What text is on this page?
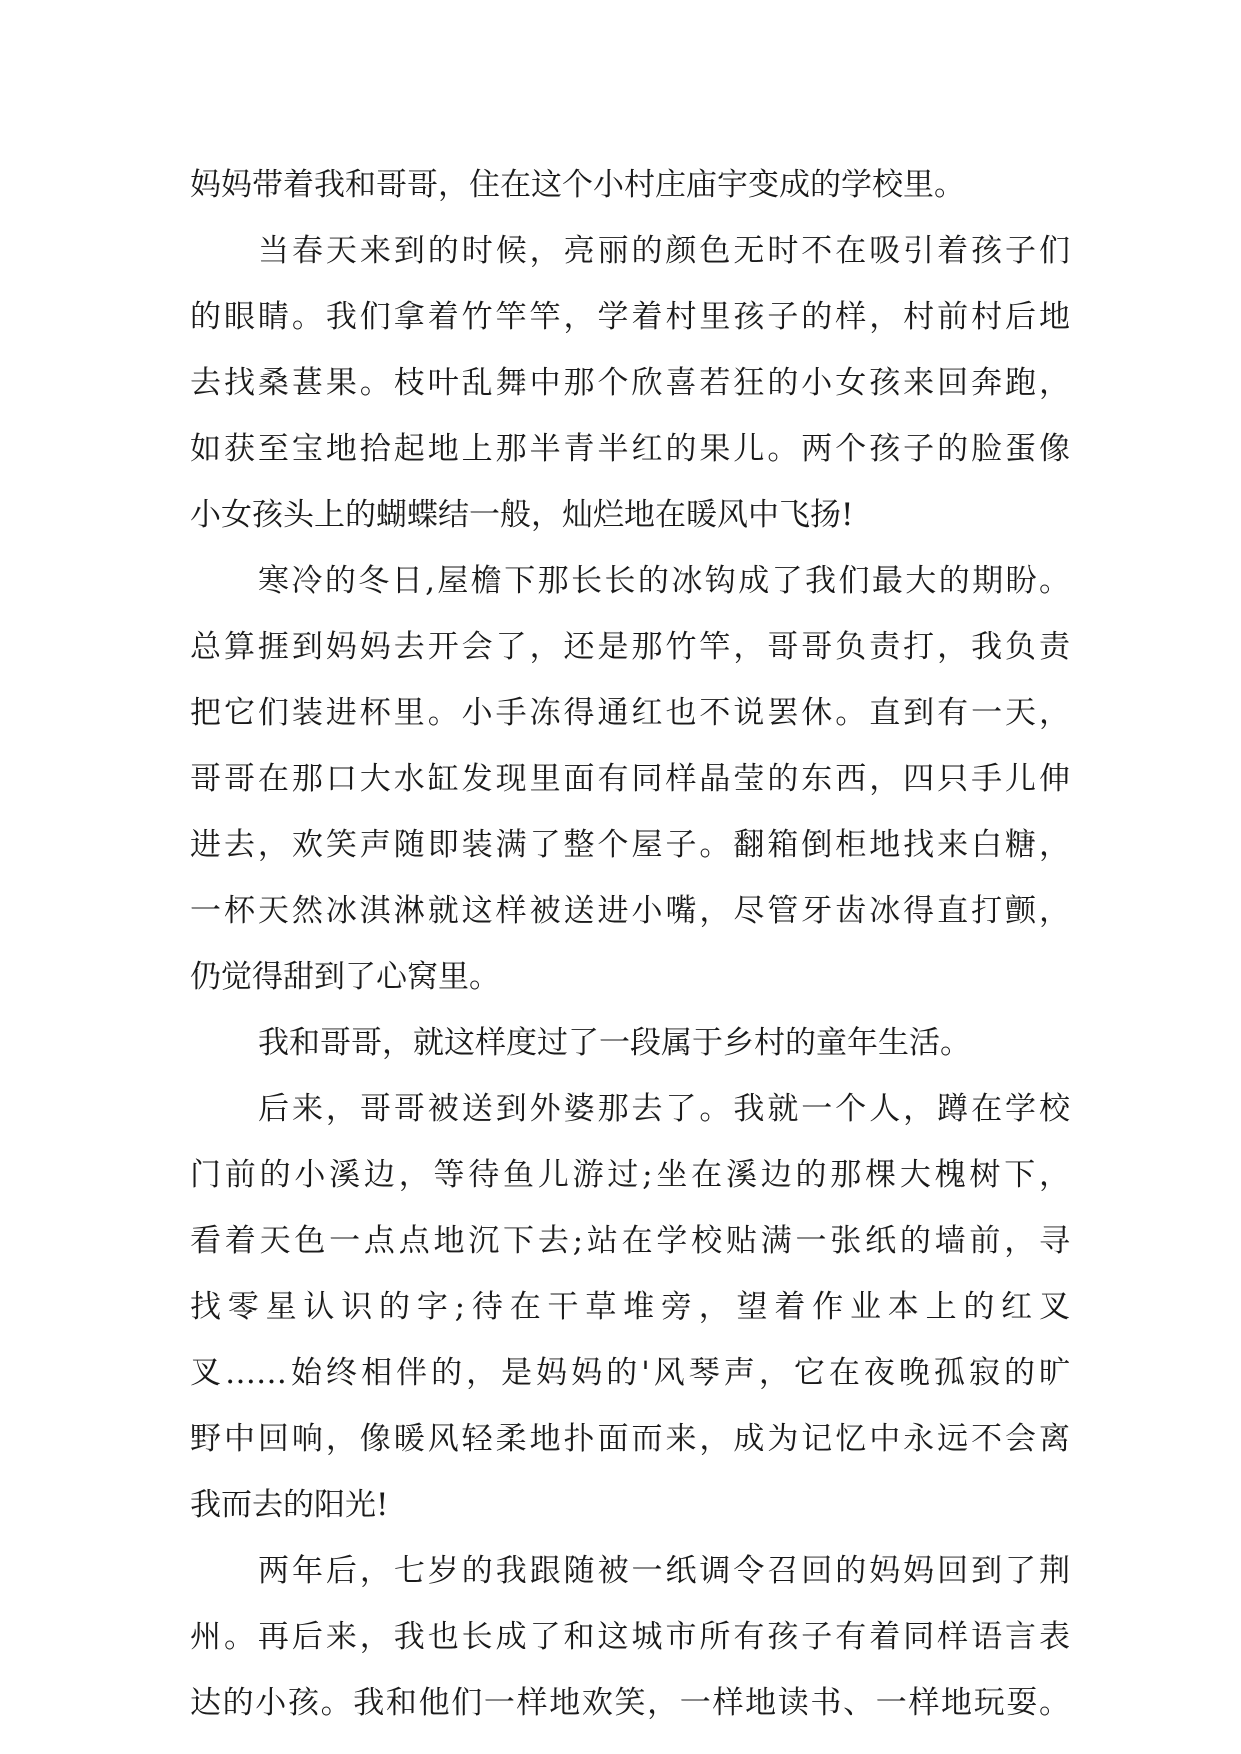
妈妈带着我和哥哥，住在这个小村庄庙宇变成的学校里。
当春天来到的时候，亮丽的颜色无时不在吸引着孩子们
的眼睛。我们拿着竹竿竿，学着村里孩子的样，村前村后地
去找桑葚果。枝叶乱舞中那个欣喜若狂的小女孩来回奔跑，
如获至宝地拾起地上那半青半红的果儿。两个孩子的脸蛋像
小女孩头上的蝴蝶结一般，灿烂地在暖风中飞扬!
寒冷的冬日,屋檐下那长长的冰钩成了我们最大的期盼。
总算捱到妈妈去开会了，还是那竹竿，哥哥负责打，我负责
把它们装进杯里。小手冻得通红也不说罢休。直到有一天，
哥哥在那口大水缸发现里面有同样晶莹的东西，四只手儿伸
进去，欢笑声随即装满了整个屋子。翻箱倒柜地找来白糖，
一杯天然冰淇淋就这样被送进小嘴，尽管牙齿冰得直打颤，
仍觉得甜到了心窝里。
我和哥哥，就这样度过了一段属于乡村的童年生活。
后来，哥哥被送到外婆那去了。我就一个人，蹲在学校
门前的小溪边，等待鱼儿游过;坐在溪边的那棵大槐树下，
看着天色一点点地沉下去;站在学校贴满一张纸的墙前，寻
找零星认识的字;待在干草堆旁，望着作业本上的红叉
叉……始终相伴的，是妈妈的'风琴声，它在夜晚孤寂的旷
野中回响，像暖风轻柔地扑面而来，成为记忆中永远不会离
我而去的阳光!
两年后，七岁的我跟随被一纸调令召回的妈妈回到了荆
州。再后来，我也长成了和这城市所有孩子有着同样语言表
达的小孩。我和他们一样地欢笑，一样地读书、一样地玩耍。
